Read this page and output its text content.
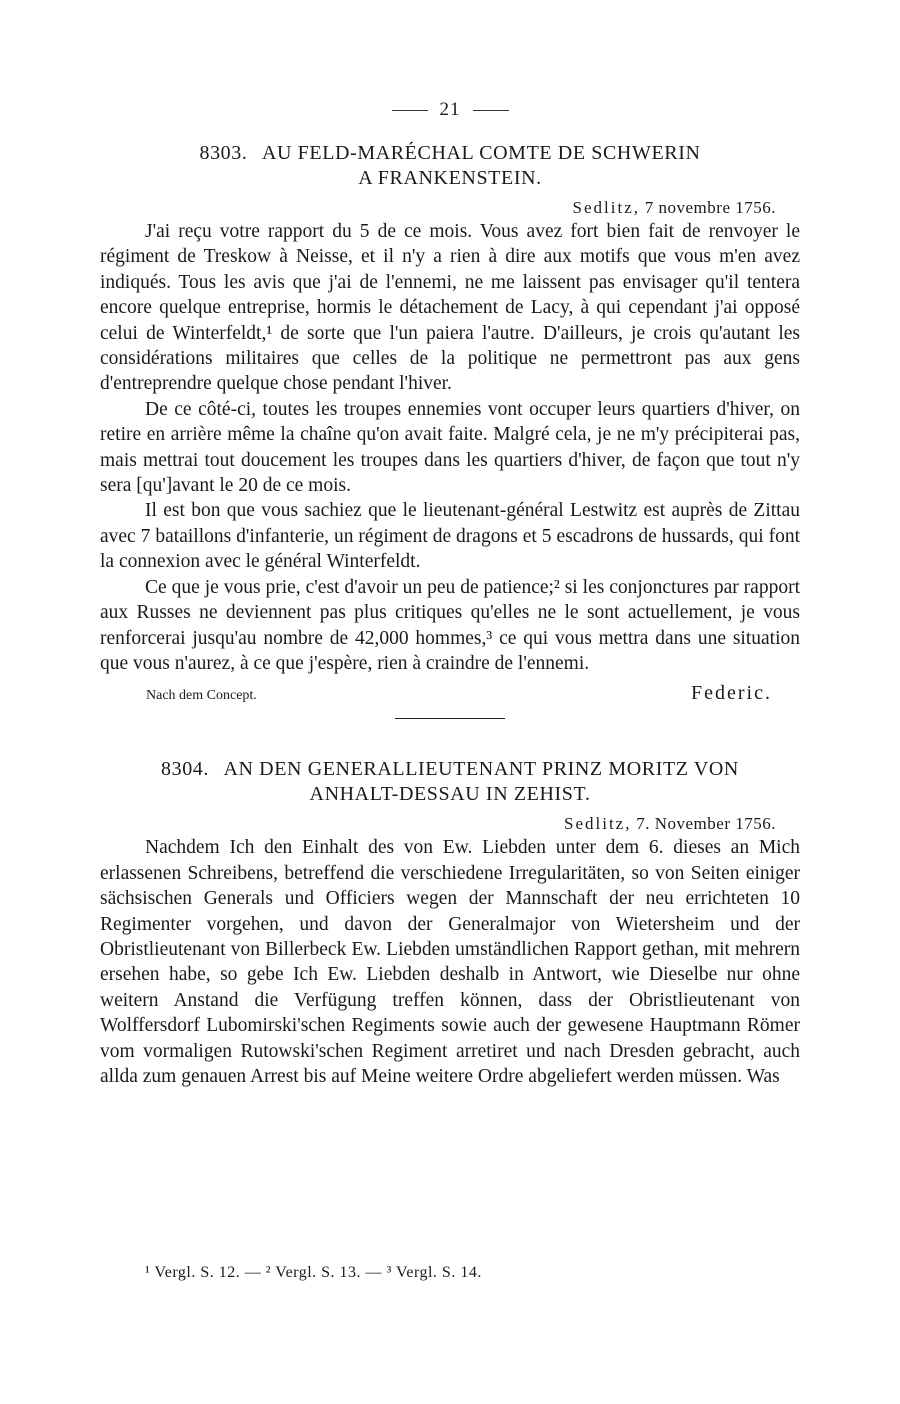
21
8303. AU FELD-MARÉCHAL COMTE DE SCHWERIN
A FRANKENSTEIN.
Sedlitz, 7 novembre 1756.

J'ai reçu votre rapport du 5 de ce mois. Vous avez fort bien fait de renvoyer le régiment de Treskow à Neisse, et il n'y a rien à dire aux motifs que vous m'en avez indiqués. Tous les avis que j'ai de l'ennemi, ne me laissent pas envisager qu'il tentera encore quelque entreprise, hormis le détachement de Lacy, à qui cependant j'ai opposé celui de Winterfeldt,¹ de sorte que l'un paiera l'autre. D'ailleurs, je crois qu'autant les considérations militaires que celles de la politique ne permettront pas aux gens d'entreprendre quelque chose pendant l'hiver.

De ce côté-ci, toutes les troupes ennemies vont occuper leurs quartiers d'hiver, on retire en arrière même la chaîne qu'on avait faite. Malgré cela, je ne m'y précipiterai pas, mais mettrai tout doucement les troupes dans les quartiers d'hiver, de façon que tout n'y sera [qu']avant le 20 de ce mois.

Il est bon que vous sachiez que le lieutenant-général Lestwitz est auprès de Zittau avec 7 bataillons d'infanterie, un régiment de dragons et 5 escadrons de hussards, qui font la connexion avec le général Winterfeldt.

Ce que je vous prie, c'est d'avoir un peu de patience;² si les conjonctures par rapport aux Russes ne deviennent pas plus critiques qu'elles ne le sont actuellement, je vous renforcerai jusqu'au nombre de 42,000 hommes,³ ce qui vous mettra dans une situation que vous n'aurez, à ce que j'espère, rien à craindre de l'ennemi.

Nach dem Concept.	Federic.
8304. AN DEN GENERALLIEUTENANT PRINZ MORITZ VON
ANHALT-DESSAU IN ZEHIST.
Sedlitz, 7. November 1756.

Nachdem Ich den Einhalt des von Ew. Liebden unter dem 6. dieses an Mich erlassenen Schreibens, betreffend die verschiedene Irregularitäten, so von Seiten einiger sächsischen Generals und Officiers wegen der Mannschaft der neu errichteten 10 Regimenter vorgehen, und davon der Generalmajor von Wietersheim und der Obristlieutenant von Billerbeck Ew. Liebden umständlichen Rapport gethan, mit mehrern ersehen habe, so gebe Ich Ew. Liebden deshalb in Antwort, wie Dieselbe nur ohne weitern Anstand die Verfügung treffen können, dass der Obristlieutenant von Wolffersdorf Lubomirski'schen Regiments sowie auch der gewesene Hauptmann Römer vom vormaligen Rutowski'schen Regiment arretiret und nach Dresden gebracht, auch allda zum genauen Arrest bis auf Meine weitere Ordre abgeliefert werden müssen. Was

¹ Vergl. S. 12. — ² Vergl. S. 13. — ³ Vergl. S. 14.
